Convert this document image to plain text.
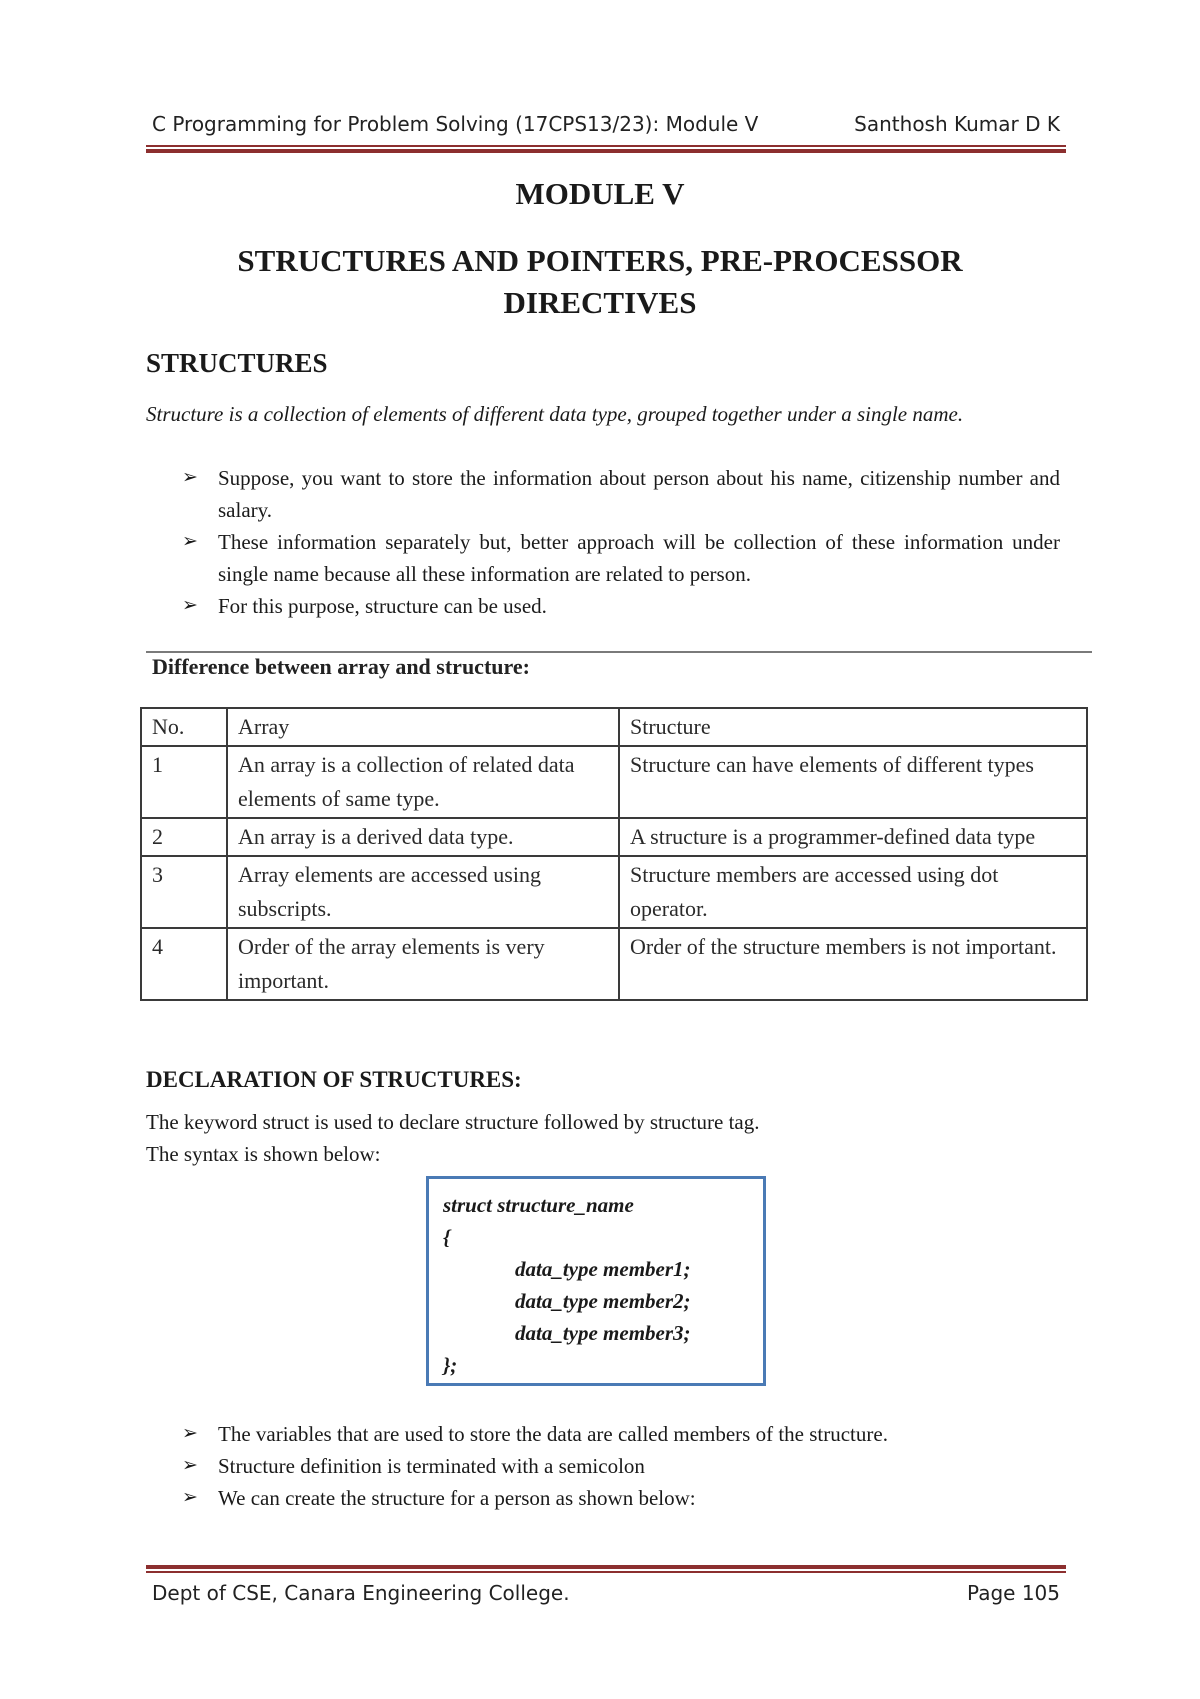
C Programming for Problem Solving (17CPS13/23): Module V	Santhosh Kumar D K
MODULE V
STRUCTURES AND POINTERS, PRE-PROCESSOR DIRECTIVES
STRUCTURES
Structure is a collection of elements of different data type, grouped together under a single name.
➢ Suppose, you want to store the information about person about his name, citizenship number and salary.
➢ These information separately but, better approach will be collection of these information under single name because all these information are related to person.
➢ For this purpose, structure can be used.
Difference between array and structure:
No.	Array	Structure
1	An array is a collection of related data elements of same type.	Structure can have elements of different types
2	An array is a derived data type.	A structure is a programmer-defined data type
3	Array elements are accessed using subscripts.	Structure members are accessed using dot operator.
4	Order of the array elements is very important.	Order of the structure members is not important.
DECLARATION OF STRUCTURES:
The keyword struct is used to declare structure followed by structure tag.
The syntax is shown below:
struct structure_name
{
data_type member1;
data_type member2;
data_type member3;
};
➢ The variables that are used to store the data are called members of the structure.
➢ Structure definition is terminated with a semicolon
➢ We can create the structure for a person as shown below:
Dept of CSE, Canara Engineering College.	Page 105
